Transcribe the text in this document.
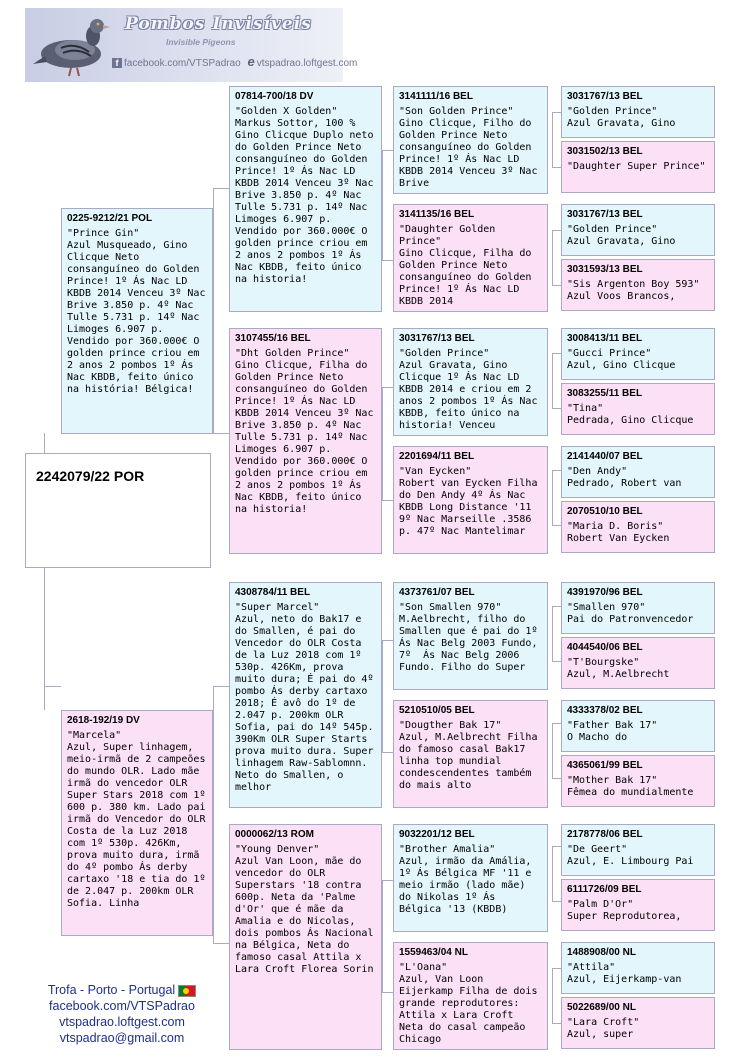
Pombos Invisíveis
Invisible Pigeons
f facebook.com/VTSPadrao e vtspadrao.loftgest.com
2242079/22 POR
0225-9212/21 POL
"Prince Gin"
Azul Musqueado, Gino Clicque Neto consanguíneo do Golden Prince! 1º Ás Nac LD KBDB 2014 Venceu 3º Nac Brive 3.850 p. 4º Nac Tulle 5.731 p. 14º Nac Limoges 6.907 p. Vendido por 360.000€ O golden prince criou em 2 anos 2 pombos 1º Ás Nac KBDB, feito único na história! Bélgica!
2618-192/19 DV
"Marcela"
Azul, Super linhagem, meio-irmã de 2 campeões do mundo OLR. Lado mãe irmã do vencedor OLR Super Stars 2018 com 1º 600 p. 380 km. Lado pai irmã do Vencedor do OLR Costa de la Luz 2018 com 1º 530p. 426Km, prova muito dura, irmã do 4º pombo Ás derby cartaxo '18 e tia do 1º de 2.047 p. 200km OLR Sofia. Linha
07814-700/18 DV
"Golden X Golden"
Markus Sottor, 100 % Gino Clicque Duplo neto do Golden Prince Neto consanguíneo do Golden Prince! 1º Ás Nac LD KBDB 2014 Venceu 3º Nac Brive 3.850 p. 4º Nac Tulle 5.731 p. 14º Nac Limoges 6.907 p. Vendido por 360.000€ O golden prince criou em 2 anos 2 pombos 1º Ás Nac KBDB, feito único na historia!
3107455/16 BEL
"Dht Golden Prince"
Gino Clicque, Filha do Golden Prince Neto consanguíneo do Golden Prince! 1º Ás Nac LD KBDB 2014 Venceu 3º Nac Brive 3.850 p. 4º Nac Tulle 5.731 p. 14º Nac Limoges 6.907 p. Vendido por 360.000€ O golden prince criou em 2 anos 2 pombos 1º Ás Nac KBDB, feito único na historia!
4308784/11 BEL
"Super Marcel"
Azul, neto do Bak17 e do Smallen, é pai do Vencedor do OLR Costa de la Luz 2018 com 1º 530p. 426Km, prova muito dura; É pai do 4º pombo Ás derby cartaxo 2018; É avô do 1º de 2.047 p. 200km OLR Sofia, pai do 14º 545p. 390Km OLR Super Starts prova muito dura. Super linhagem Raw-Sablomnn. Neto do Smallen, o melhor
0000062/13 ROM
"Young Denver"
Azul Van Loon, mãe do vencedor do OLR Superstars '18 contra 600p. Neta da 'Palme d'Or' que é mãe da Amalia e do Nicolas, dois pombos Ás Nacional na Bélgica, Neta do famoso casal Attila x Lara Croft Florea Sorin
3141111/16 BEL
"Son Golden Prince"
Gino Clicque, Filho do Golden Prince Neto consanguíneo do Golden Prince! 1º Ás Nac LD KBDB 2014 Venceu 3º Nac Brive
3141135/16 BEL
"Daughter Golden Prince"
Gino Clicque, Filha do Golden Prince Neto consanguíneo do Golden Prince! 1º Ás Nac LD KBDB 2014
3031767/13 BEL
"Golden Prince"
Azul Gravata, Gino Clicque 1º Ás Nac LD KBDB 2014 e criou em 2 anos 2 pombos 1º Ás Nac KBDB, feito único na historia! Venceu
2201694/11 BEL
"Van Eycken"
Robert van Eycken Filha do Den Andy 4º Ás Nac KBDB Long Distance '11 9º Nac Marseille .3586 p. 47º Nac Mantelimar
4373761/07 BEL
"Son Smallen 970"
M.Aelbrecht, filho do Smallen que é pai do 1º Ás Nac Belg 2003 Fundo, 7º  Ás Nac Belg 2006 Fundo. Filho do Super
5210510/05 BEL
"Dougther Bak 17"
Azul, M.Aelbrecht Filha do famoso casal Bak17 linha top mundial condescendentes também do mais alto
9032201/12 BEL
"Brother Amalia"
Azul, irmão da Amália, 1º Ás Bélgica MF '11 e meio irmão (lado mãe) do Nikolas 1º Ás Bélgica '13 (KBDB)
1559463/04 NL
"L'Oana"
Azul, Van Loon Eijerkamp Filha de dois grande reprodutores: Attila x Lara Croft Neta do casal campeão Chicago
3031767/13 BEL
"Golden Prince"
Azul Gravata, Gino
3031502/13 BEL
"Daughter Super Prince"
3031767/13 BEL
"Golden Prince"
Azul Gravata, Gino
3031593/13 BEL
"Sis Argenton Boy 593"
Azul Voos Brancos,
3008413/11 BEL
"Gucci Prince"
Azul, Gino Clicque
3083255/11 BEL
"Tina"
Pedrada, Gino Clicque
2141440/07 BEL
"Den Andy"
Pedrado, Robert van
2070510/10 BEL
"Maria D. Boris"
Robert Van Eycken
4391970/96 BEL
"Smallen 970"
Pai do Patronvencedor
4044540/06 BEL
"T'Bourgske"
Azul, M.Aelbrecht
4333378/02 BEL
"Father Bak 17"
O Macho do
4365061/99 BEL
"Mother Bak 17"
Fêmea do mundialmente
2178778/06 BEL
"De Geert"
Azul, E. Limbourg Pai
6111726/09 BEL
"Palm D'Or"
Super Reprodutorea,
1488908/00 NL
"Attila"
Azul, Eijerkamp-van
5022689/00 NL
"Lara Croft"
Azul, super
Trofa - Porto - Portugal
facebook.com/VTSPadrao
vtspadrao.loftgest.com
vtspadrao@gmail.com
